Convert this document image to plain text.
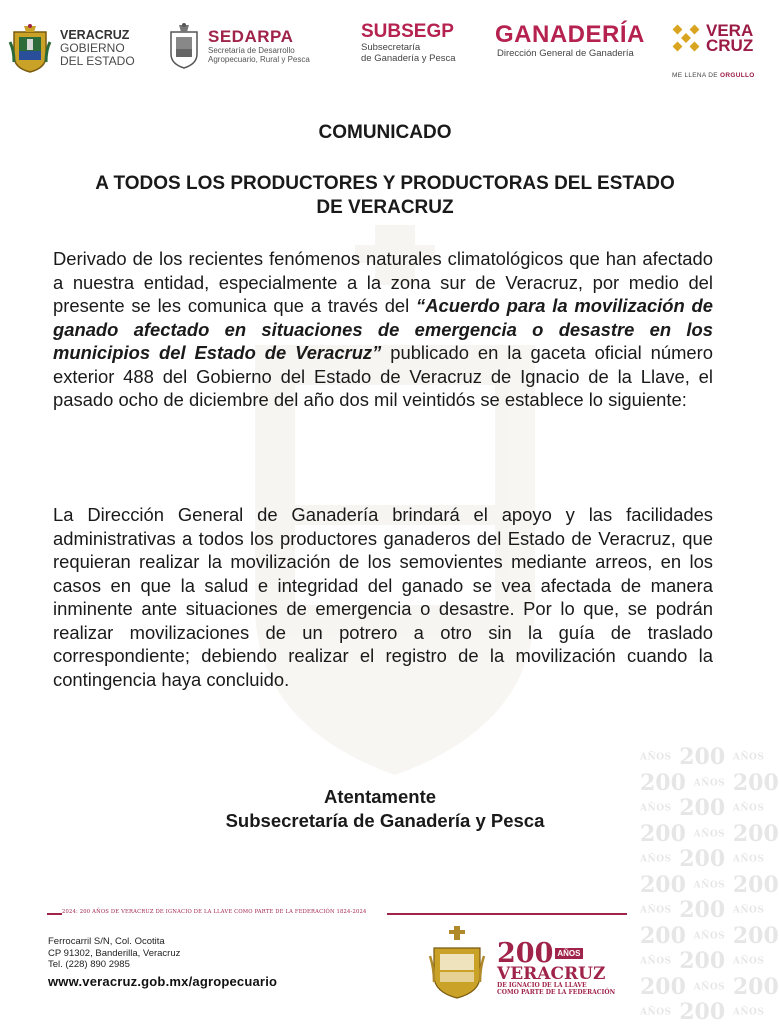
VERACRUZ
GOBIERNO
DEL ESTADO
SEDARPA
Secretaría de Desarrollo
Agropecuario, Rural y Pesca
SUBSEGP
Subsecretaría
de Ganadería y Pesca
GANADERÍA
Dirección General de Ganadería
VERA
CRUZ
ME LLENA DE ORGULLO
COMUNICADO
A TODOS LOS PRODUCTORES Y PRODUCTORAS DEL ESTADO DE VERACRUZ
Derivado de los recientes fenómenos naturales climatológicos que han afectado a nuestra entidad, especialmente a la zona sur de Veracruz, por medio del presente se les comunica que a través del “Acuerdo para la movilización de ganado afectado en situaciones de emergencia o desastre en los municipios del Estado de Veracruz” publicado en la gaceta oficial número exterior 488 del Gobierno del Estado de Veracruz de Ignacio de la Llave, el pasado ocho de diciembre del año dos mil veintidós se establece lo siguiente:
La Dirección General de Ganadería brindará el apoyo y las facilidades administrativas a todos los productores ganaderos del Estado de Veracruz, que requieran realizar la movilización de los semovientes mediante arreos, en los casos en que la salud e integridad del ganado se vea afectada de manera inminente ante situaciones de emergencia o desastre. Por lo que, se podrán realizar movilizaciones de un potrero a otro sin la guía de traslado correspondiente; debiendo realizar el registro de la movilización cuando la contingencia haya concluido.
Atentamente
Subsecretaría de Ganadería y Pesca
AÑOS 200 AÑOS
200 AÑOS 200
AÑOS 200 AÑOS
200 AÑOS 200
AÑOS 200 AÑOS
200 AÑOS 200
AÑOS 200 AÑOS
200 AÑOS 200
AÑOS 200 AÑOS
200 AÑOS 200
AÑOS 200 AÑOS
2024: 200 AÑOS DE VERACRUZ DE IGNACIO DE LA LLAVE COMO PARTE DE LA FEDERACIÓN 1824-2024
Ferrocarril S/N, Col. Ocotita
CP 91302, Banderilla, Veracruz
Tel. (228) 890 2985
www.veracruz.gob.mx/agropecuario
200 $^{AÑOS}$
VERACRUZ
DE IGNACIO DE LA LLAVE
COMO PARTE DE LA FEDERACIÓN
